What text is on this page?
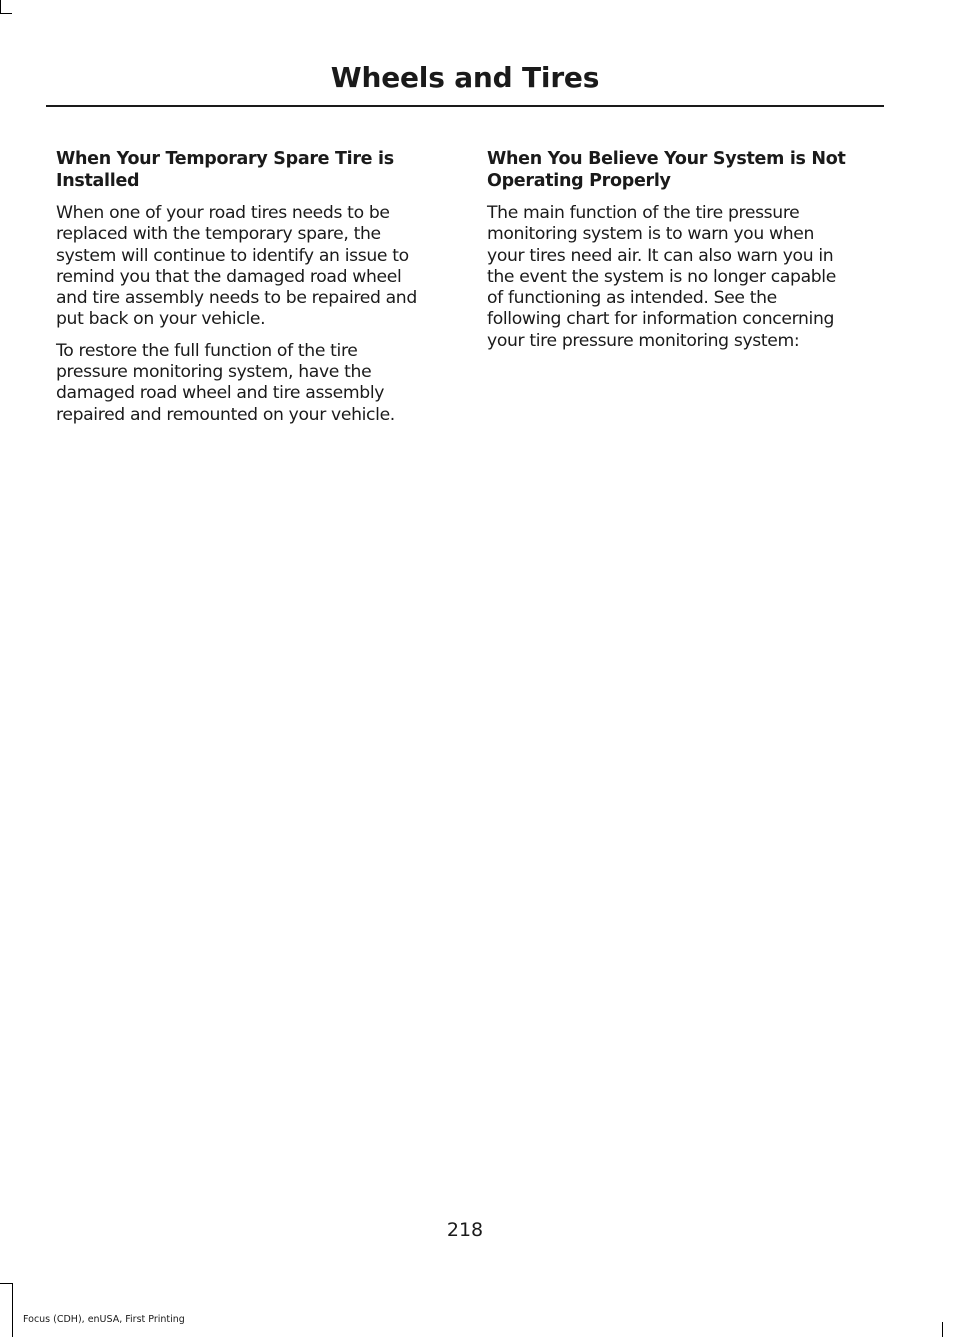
Wheels and Tires
When Your Temporary Spare Tire is
Installed

When one of your road tires needs to be
replaced with the temporary spare, the
system will continue to identify an issue to
remind you that the damaged road wheel
and tire assembly needs to be repaired and
put back on your vehicle.

To restore the full function of the tire
pressure monitoring system, have the
damaged road wheel and tire assembly
repaired and remounted on your vehicle.

When You Believe Your System is Not
Operating Properly

The main function of the tire pressure
monitoring system is to warn you when
your tires need air. It can also warn you in
the event the system is no longer capable
of functioning as intended. See the
following chart for information concerning
your tire pressure monitoring system:

218
Focus (CDH), enUSA, First Printing
